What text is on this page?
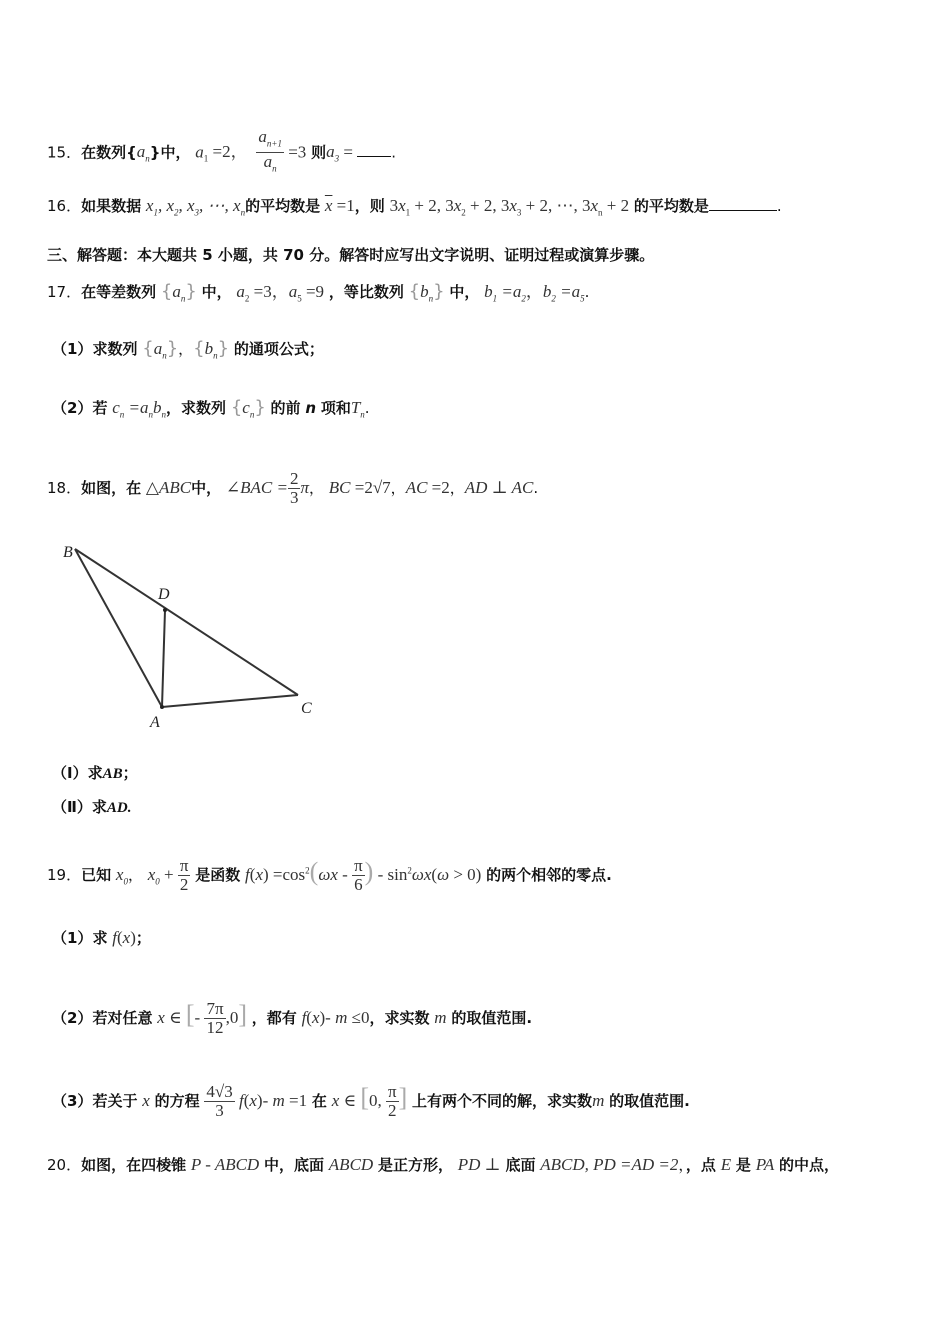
15．在数列$\{a_n\}$中， $a_1 =2$， $\frac{a_{n+1}}{a_n} =3$ 则$a_3$ = .
16．如果数据 $x_1$, $x_2$, $x_3$, ⋯, $x_n$的平均数是 $\overline{x} =1$，则 $3x_1 + 2$, $3x_2 + 2$, $3x_3 + 2$, ⋯, $3x_n + 2$ 的平均数是	.
三、解答题：本大题共 5 小题，共 70 分。解答时应写出文字说明、证明过程或演算步骤。
17．在等差数列 $\{a_n\}$ 中， $a_2 =3$，$a_5 =9$ ，等比数列 $\{b_n\}$ 中， $b_1 =a_2$，$b_2 =a_5$.
（1）求数列 $\{a_n\}$，$\{b_n\}$ 的通项公式；
（2）若 $c_n =a_nb_n$，求数列 $\{c_n\}$ 的前 n 项和$T_n$.
18．如图，在 △ABC中， ∠BAC = $\frac{2}{3}$ π， BC =2√7，AC =2，AD ⊥ AC.
B
D
A
C
（Ⅰ）求AB；
（Ⅱ）求AD.
19．已知 $x_0$， $x_0 + \frac{\pi}{2}$ 是函数 $f(x) =\cos^2(\omega x - \frac{\pi}{6}$ ) - $\sin^2\omega x(\omega > 0)$ 的两个相邻的零点.
（1）求 f(x)；
（2）若对任意 x ∈ [- $\frac{7\pi}{12} ,0$] ，都有 f(x)- m ≤0，求实数 m 的取值范围.
（3）若关于 x 的方程 $\frac{4√3}{3} f(x)-$ m =1 在 x ∈ [0, $\frac{\pi}{2}$ ] 上有两个不同的解，求实数m 的取值范围.
20．如图，在四棱锥 P - ABCD 中，底面 ABCD 是正方形， PD ⊥ 底面 ABCD, PD =AD =2，，点 E 是 PA 的中点，
